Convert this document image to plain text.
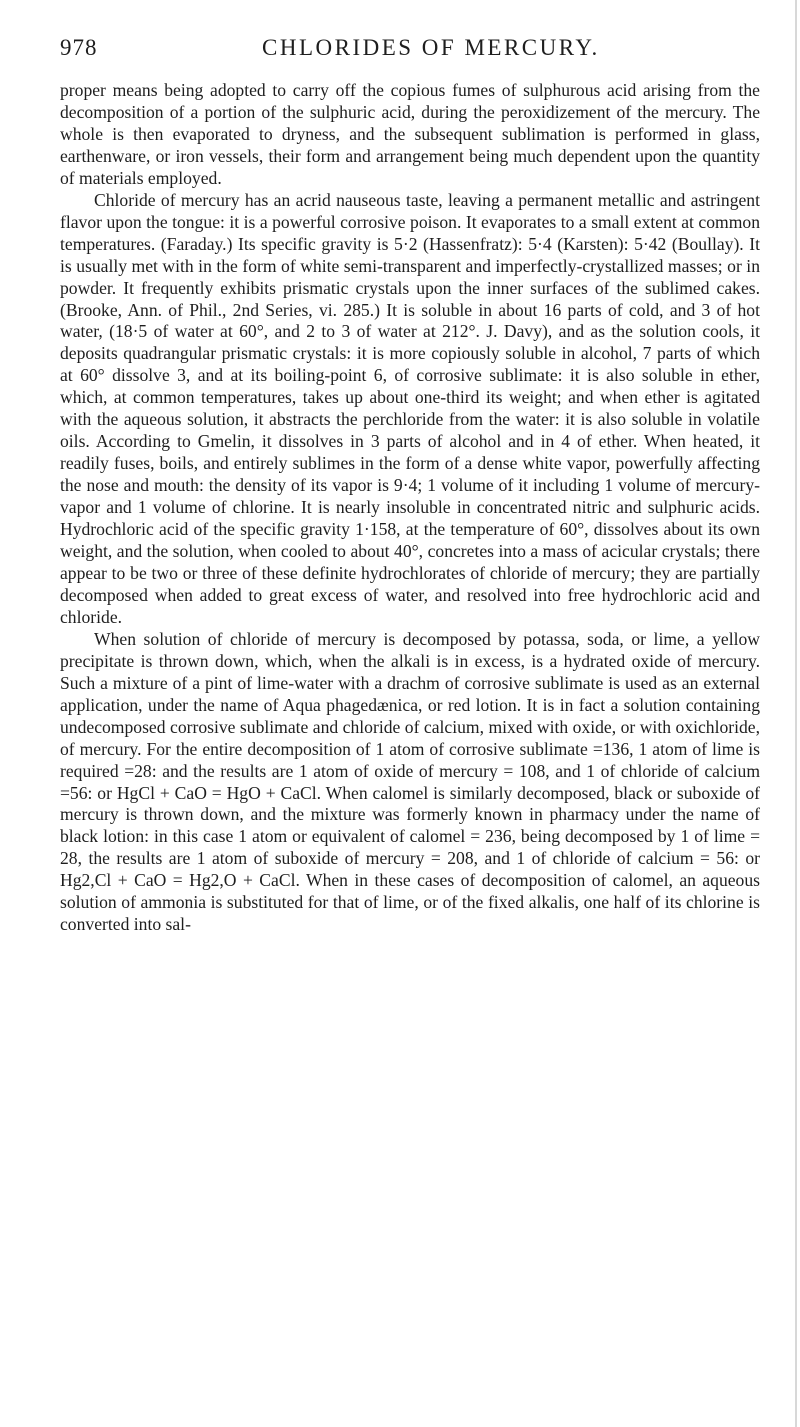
978	CHLORIDES OF MERCURY.

proper means being adopted to carry off the copious fumes of sulphurous acid arising from the decomposition of a portion of the sulphuric acid, during the peroxidizement of the mercury. The whole is then evaporated to dryness, and the subsequent sublimation is performed in glass, earthenware, or iron vessels, their form and arrangement being much dependent upon the quantity of materials employed.

Chloride of mercury has an acrid nauseous taste, leaving a permanent metallic and astringent flavor upon the tongue: it is a powerful corrosive poison. It evaporates to a small extent at common temperatures. (Faraday.) Its specific gravity is 5·2 (Hassenfratz): 5·4 (Karsten): 5·42 (Boullay). It is usually met with in the form of white semi-transparent and imperfectly-crystallized masses; or in powder. It frequently exhibits prismatic crystals upon the inner surfaces of the sublimed cakes. (Brooke, Ann. of Phil., 2nd Series, vi. 285.) It is soluble in about 16 parts of cold, and 3 of hot water, (18·5 of water at 60°, and 2 to 3 of water at 212°. J. Davy), and as the solution cools, it deposits quadrangular prismatic crystals: it is more copiously soluble in alcohol, 7 parts of which at 60° dissolve 3, and at its boiling-point 6, of corrosive sublimate: it is also soluble in ether, which, at common temperatures, takes up about one-third its weight; and when ether is agitated with the aqueous solution, it abstracts the perchloride from the water: it is also soluble in volatile oils. According to Gmelin, it dissolves in 3 parts of alcohol and in 4 of ether. When heated, it readily fuses, boils, and entirely sublimes in the form of a dense white vapor, powerfully affecting the nose and mouth: the density of its vapor is 9·4; 1 volume of it including 1 volume of mercury-vapor and 1 volume of chlorine. It is nearly insoluble in concentrated nitric and sulphuric acids. Hydrochloric acid of the specific gravity 1·158, at the temperature of 60°, dissolves about its own weight, and the solution, when cooled to about 40°, concretes into a mass of acicular crystals; there appear to be two or three of these definite hydrochlorates of chloride of mercury; they are partially decomposed when added to great excess of water, and resolved into free hydrochloric acid and chloride.

When solution of chloride of mercury is decomposed by potassa, soda, or lime, a yellow precipitate is thrown down, which, when the alkali is in excess, is a hydrated oxide of mercury. Such a mixture of a pint of lime-water with a drachm of corrosive sublimate is used as an external application, under the name of Aqua phagedænica, or red lotion. It is in fact a solution containing undecomposed corrosive sublimate and chloride of calcium, mixed with oxide, or with oxichloride, of mercury. For the entire decomposition of 1 atom of corrosive sublimate =136, 1 atom of lime is required =28: and the results are 1 atom of oxide of mercury = 108, and 1 of chloride of calcium =56: or HgCl + CaO = HgO + CaCl. When calomel is similarly decomposed, black or suboxide of mercury is thrown down, and the mixture was formerly known in pharmacy under the name of black lotion: in this case 1 atom or equivalent of calomel = 236, being decomposed by 1 of lime = 28, the results are 1 atom of suboxide of mercury = 208, and 1 of chloride of calcium = 56: or Hg2,Cl + CaO = Hg2,O + CaCl. When in these cases of decomposition of calomel, an aqueous solution of ammonia is substituted for that of lime, or of the fixed alkalis, one half of its chlorine is converted into sal-
